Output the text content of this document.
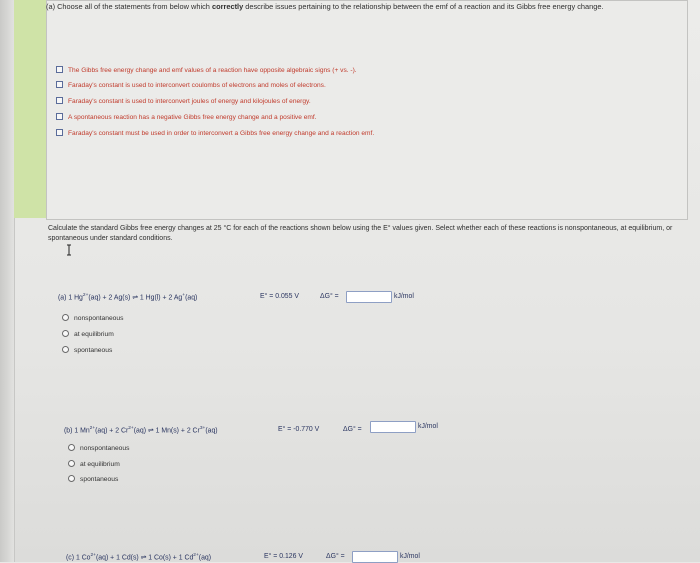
(a) Choose all of the statements from below which correctly describe issues pertaining to the relationship between the emf of a reaction and its Gibbs free energy change.
The Gibbs free energy change and emf values of a reaction have opposite algebraic signs (+ vs. -).
Faraday's constant is used to interconvert coulombs of electrons and moles of electrons.
Faraday's constant is used to interconvert joules of energy and kilojoules of energy.
A spontaneous reaction has a negative Gibbs free energy change and a positive emf.
Faraday's constant must be used in order to interconvert a Gibbs free energy change and a reaction emf.
Calculate the standard Gibbs free energy changes at 25 °C for each of the reactions shown below using the E° values given. Select whether each of these reactions is nonspontaneous, at equilibrium, or spontaneous under standard conditions.
(a) 1 $Hg^{2+}(aq) + 2$ Ag(s) ⇌ 1 Hg(l) + 2 Ag+(aq)	E° = 0.055 V	ΔG° =	kJ/mol
nonspontaneous
at equilibrium
spontaneous
(b) 1 $Mn^{2+}(aq) + 2$ $Cr^{2+}(aq)$ ⇌ 1 Mn(s) + 2 $Cr^{3+}(aq)$	E° = -0.770 V	ΔG° =	kJ/mol
nonspontaneous
at equilibrium
spontaneous
(c) 1 $Co^{2+}(aq) + 1$ Cd(s) ⇌ 1 Co(s) + 1 $Cd^{2+}(aq)$	E° = 0.126 V	ΔG° =	kJ/mol
